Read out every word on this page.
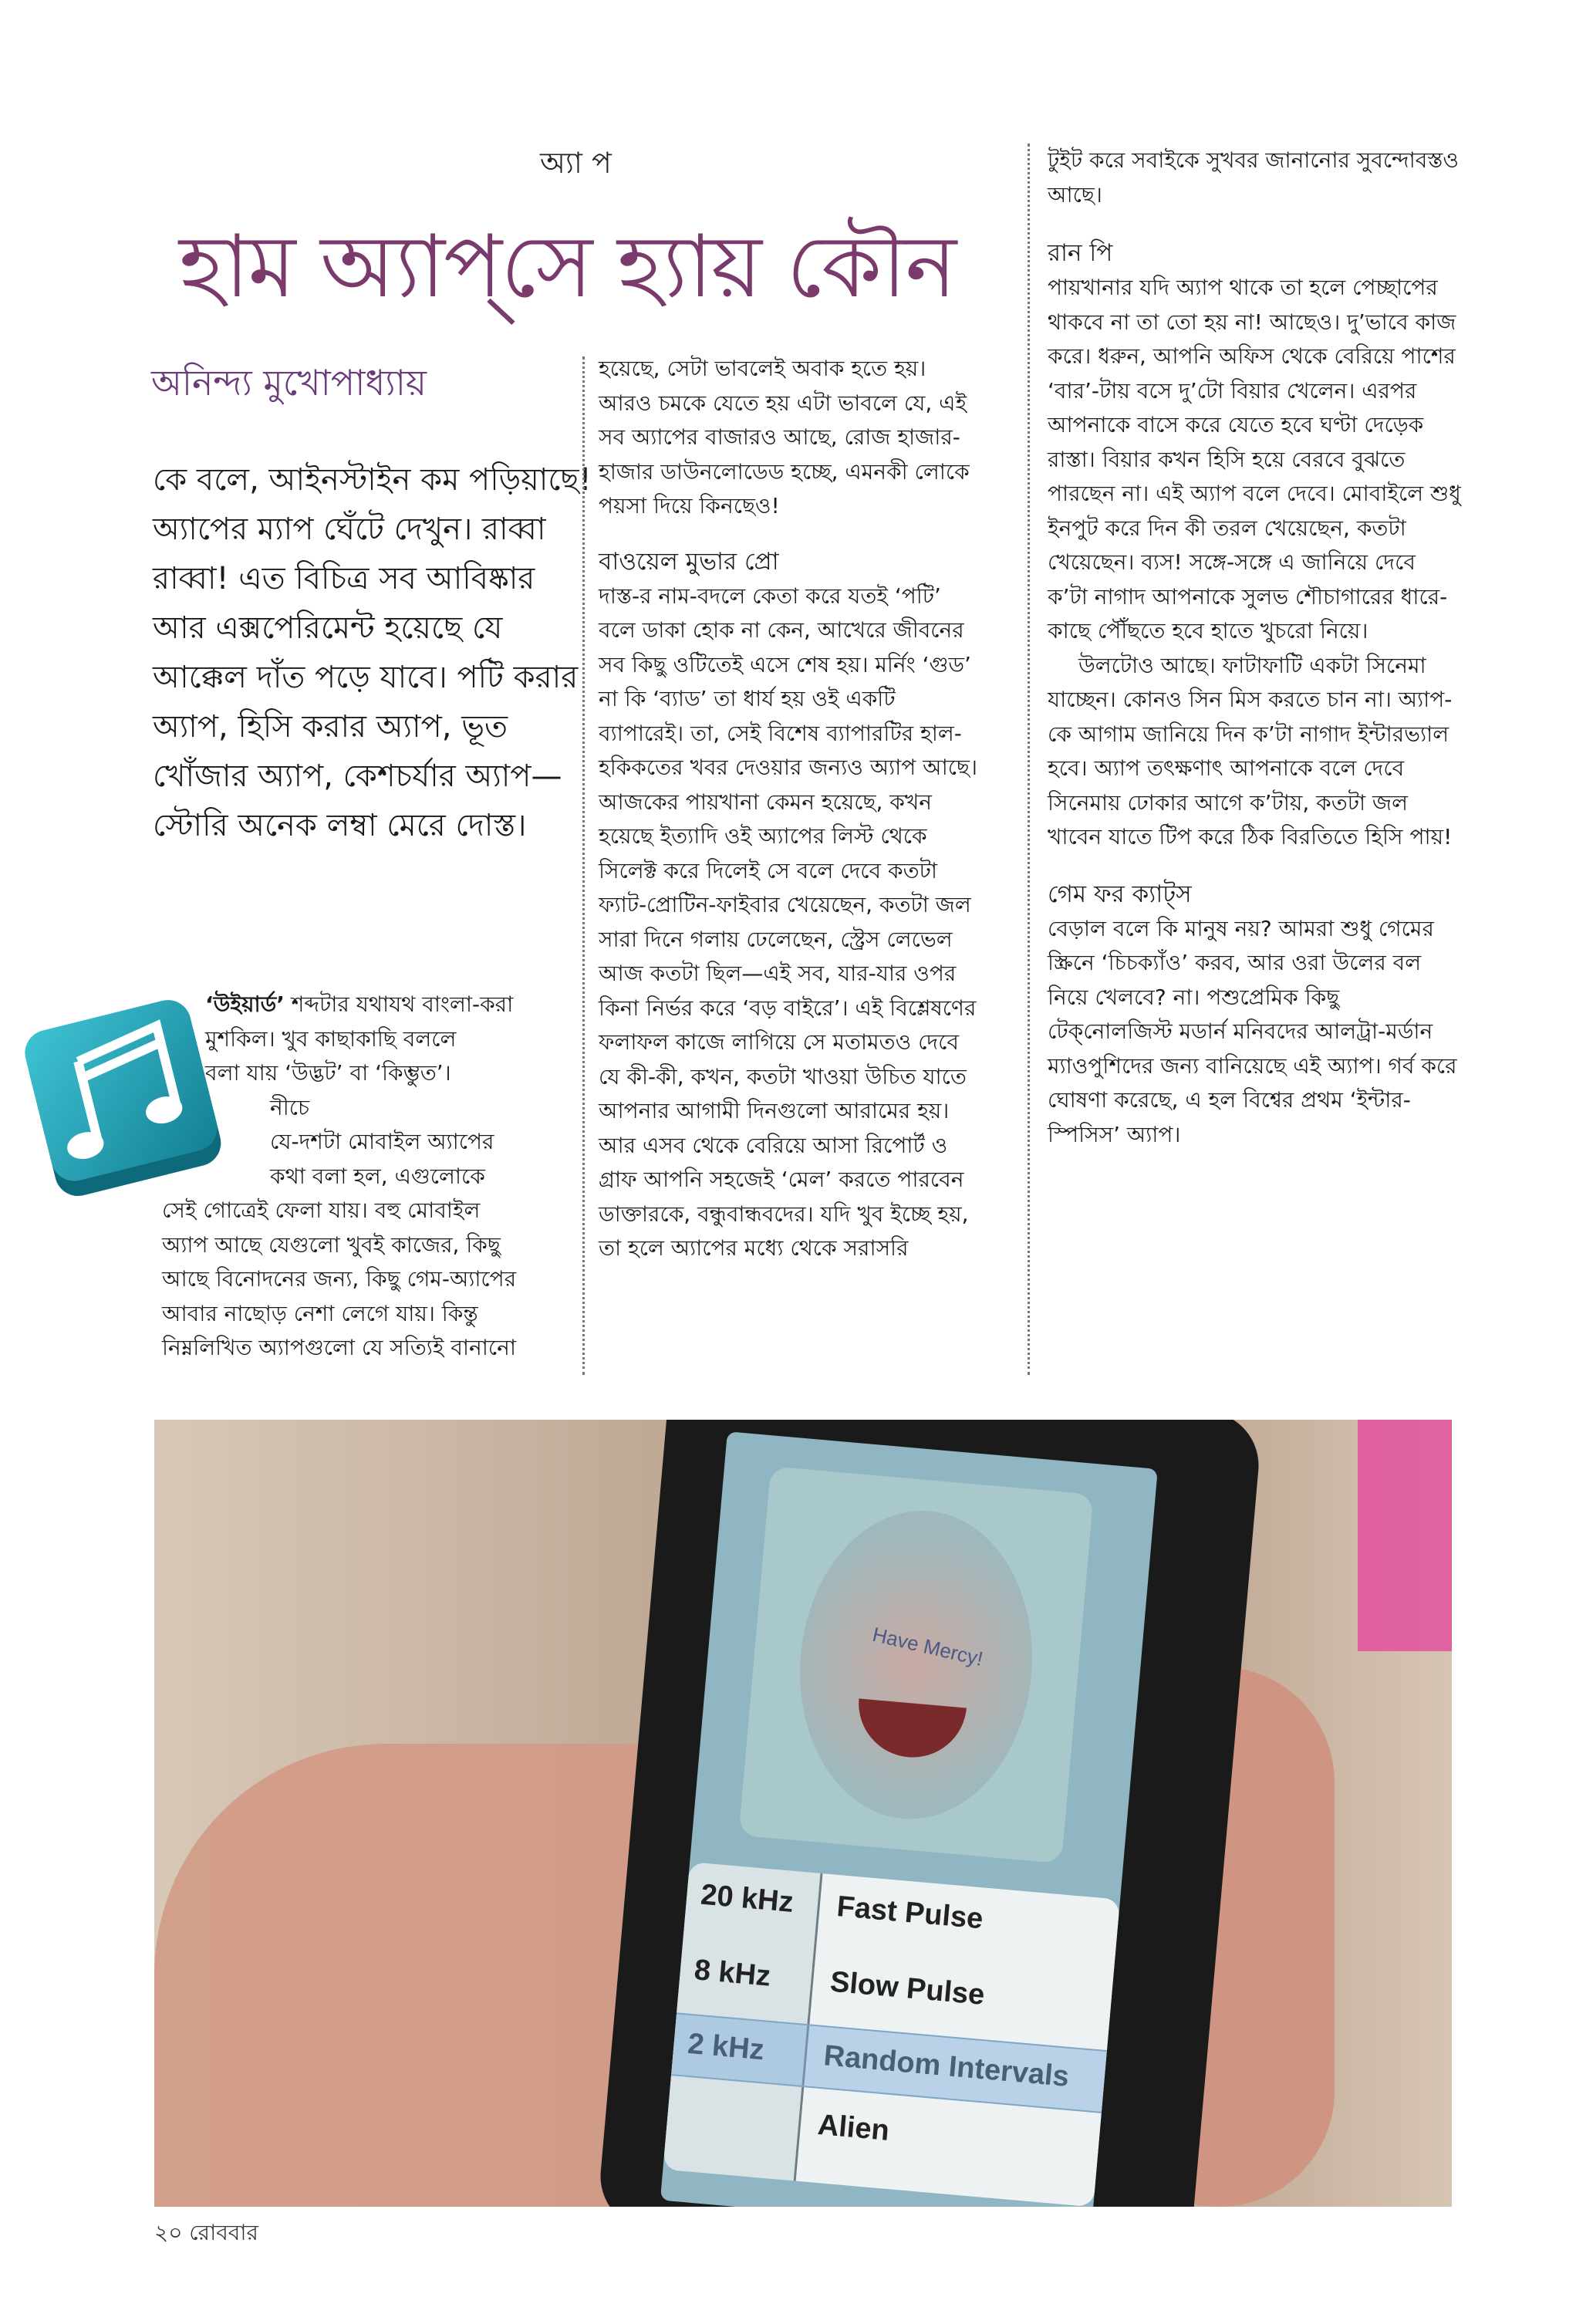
অ্যা প
হাম অ্যাপ্‌সে হ্যায় কৌন
অনিন্দ্য মুখোপাধ্যায়

কে বলে, আইনস্টাইন কম পড়িয়াছে! অ্যাপের ম্যাপ ঘেঁটে দেখুন। রাব্বা রাব্বা! এত বিচিত্র সব আবিষ্কার আর এক্সপেরিমেন্ট হয়েছে যে আক্কেল দাঁত পড়ে যাবে। পটি করার অ্যাপ, হিসি করার অ্যাপ, ভূত খোঁজার অ্যাপ, কেশচর্যার অ্যাপ—স্টোরি অনেক লম্বা মেরে দোস্ত।

‘উইয়ার্ড’ শব্দটার যথাযথ বাংলা-করা

মুশকিল। খুব কাছাকাছি বললে

বলা যায় ‘উদ্ভট’ বা ‘কিম্ভুত’।

নীচে

যে-দশটা মোবাইল অ্যাপের

কথা বলা হল, এগুলোকে

সেই গোত্রেই ফেলা যায়। বহু মোবাইল

অ্যাপ আছে যেগুলো খুবই কাজের, কিছু

আছে বিনোদনের জন্য, কিছু গেম-অ্যাপের

আবার নাছোড় নেশা লেগে যায়। কিন্তু

নিম্নলিখিত অ্যাপগুলো যে সত্যিই বানানো

হয়েছে, সেটা ভাবলেই অবাক হতে হয়। আরও চমকে যেতে হয় এটা ভাবলে যে, এই সব অ্যাপের বাজারও আছে, রোজ হাজার-হাজার ডাউনলোডেড হচ্ছে, এমনকী লোকে পয়সা দিয়ে কিনছেও!

বাওয়েল মুভার প্রো

দাস্ত-র নাম-বদলে কেতা করে যতই ‘পটি’ বলে ডাকা হোক না কেন, আখেরে জীবনের সব কিছু ওটিতেই এসে শেষ হয়। মর্নিং ‘গুড’ না কি ‘ব্যাড’ তা ধার্য হয় ওই একটি ব্যাপারেই। তা, সেই বিশেষ ব্যাপারটির হাল-হকিকতের খবর দেওয়ার জন্যও অ্যাপ আছে। আজকের পায়খানা কেমন হয়েছে, কখন হয়েছে ইত্যাদি ওই অ্যাপের লিস্ট থেকে সিলেক্ট করে দিলেই সে বলে দেবে কতটা ফ্যাট-প্রোটিন-ফাইবার খেয়েছেন, কতটা জল সারা দিনে গলায় ঢেলেছেন, স্ট্রেস লেভেল আজ কতটা ছিল—এই সব, যার-যার ওপর কিনা নির্ভর করে ‘বড় বাইরে’। এই বিশ্লেষণের ফলাফল কাজে লাগিয়ে সে মতামতও দেবে যে কী-কী, কখন, কতটা খাওয়া উচিত যাতে আপনার আগামী দিনগুলো আরামের হয়। আর এসব থেকে বেরিয়ে আসা রিপোর্ট ও গ্রাফ আপনি সহজেই ‘মেল’ করতে পারবেন ডাক্তারকে, বন্ধুবান্ধবদের। যদি খুব ইচ্ছে হয়, তা হলে অ্যাপের মধ্যে থেকে সরাসরি

টুইট করে সবাইকে সুখবর জানানোর সুবন্দোবস্তও আছে।

রান পি

পায়খানার যদি অ্যাপ থাকে তা হলে পেচ্ছাপের থাকবে না তা তো হয় না! আছেও। দু’ভাবে কাজ করে। ধরুন, আপনি অফিস থেকে বেরিয়ে পাশের ‘বার’-টায় বসে দু’টো বিয়ার খেলেন। এরপর আপনাকে বাসে করে যেতে হবে ঘণ্টা দেড়েক রাস্তা। বিয়ার কখন হিসি হয়ে বেরবে বুঝতে পারছেন না। এই অ্যাপ বলে দেবে। মোবাইলে শুধু ইনপুট করে দিন কী তরল খেয়েছেন, কতটা খেয়েছেন। ব্যস! সঙ্গে-সঙ্গে এ জানিয়ে দেবে ক’টা নাগাদ আপনাকে সুলভ শৌচাগারের ধারে-কাছে পৌঁছতে হবে হাতে খুচরো নিয়ে।

উলটোও আছে। ফাটাফাটি একটা সিনেমা যাচ্ছেন। কোনও সিন মিস করতে চান না। অ্যাপ-কে আগাম জানিয়ে দিন ক’টা নাগাদ ইন্টারভ্যাল হবে। অ্যাপ তৎক্ষণাৎ আপনাকে বলে দেবে সিনেমায় ঢোকার আগে ক’টায়, কতটা জল খাবেন যাতে টিপ করে ঠিক বিরতিতে হিসি পায়!

গেম ফর ক্যাট্‌স

বেড়াল বলে কি মানুষ নয়? আমরা শুধু গেমের স্ক্রিনে ‘চিচক্যাঁও’ করব, আর ওরা উলের বল নিয়ে খেলবে? না। পশুপ্রেমিক কিছু টেক্‌নোলজিস্ট মডার্ন মনিবদের আলট্রা-মর্ডান ম্যাওপুশিদের জন্য বানিয়েছে এই অ্যাপ। গর্ব করে ঘোষণা করেছে, এ হল বিশ্বের প্রথম ‘ইন্টার-স্পিসিস’ অ্যাপ।

Have Mercy!
20 kHz
8 kHz
2 kHz
Fast Pulse
Slow Pulse
Random Intervals
Alien
২০ রোববার
